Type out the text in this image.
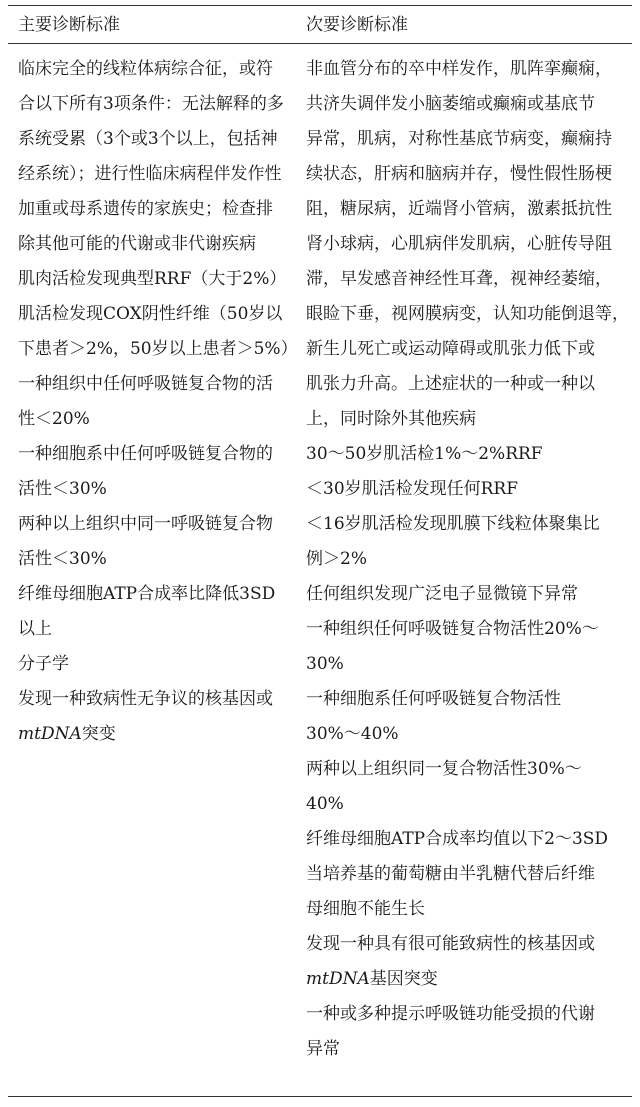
主要诊断标准	次要诊断标准
临床完全的线粒体病综合征，或符
合以下所有3项条件：无法解释的多
系统受累（3个或3个以上，包括神
经系统）；进行性临床病程伴发作性
加重或母系遗传的家族史；检查排
除其他可能的代谢或非代谢疾病
肌肉活检发现典型RRF（大于2%）
肌活检发现COX阴性纤维（50岁以
下患者＞2%，50岁以上患者＞5%）
一种组织中任何呼吸链复合物的活
性＜20%
一种细胞系中任何呼吸链复合物的
活性＜30%
两种以上组织中同一呼吸链复合物
活性＜30%
纤维母细胞ATP合成率比降低3SD
以上
分子学
发现一种致病性无争议的核基因或
mtDNA突变
非血管分布的卒中样发作，肌阵挛癫痫，
共济失调伴发小脑萎缩或癫痫或基底节
异常，肌病，对称性基底节病变，癫痫持
续状态，肝病和脑病并存，慢性假性肠梗
阻，糖尿病，近端肾小管病，激素抵抗性
肾小球病，心肌病伴发肌病，心脏传导阻
滞，早发感音神经性耳聋，视神经萎缩，
眼睑下垂，视网膜病变，认知功能倒退等，
新生儿死亡或运动障碍或肌张力低下或
肌张力升高。上述症状的一种或一种以
上，同时除外其他疾病
30～50岁肌活检1%～2%RRF
＜30岁肌活检发现任何RRF
＜16岁肌活检发现肌膜下线粒体聚集比
例＞2%
任何组织发现广泛电子显微镜下异常
一种组织任何呼吸链复合物活性20%～
30%
一种细胞系任何呼吸链复合物活性
30%～40%
两种以上组织同一复合物活性30%～
40%
纤维母细胞ATP合成率均值以下2～3SD
当培养基的葡萄糖由半乳糖代替后纤维
母细胞不能生长
发现一种具有很可能致病性的核基因或
mtDNA基因突变
一种或多种提示呼吸链功能受损的代谢
异常
